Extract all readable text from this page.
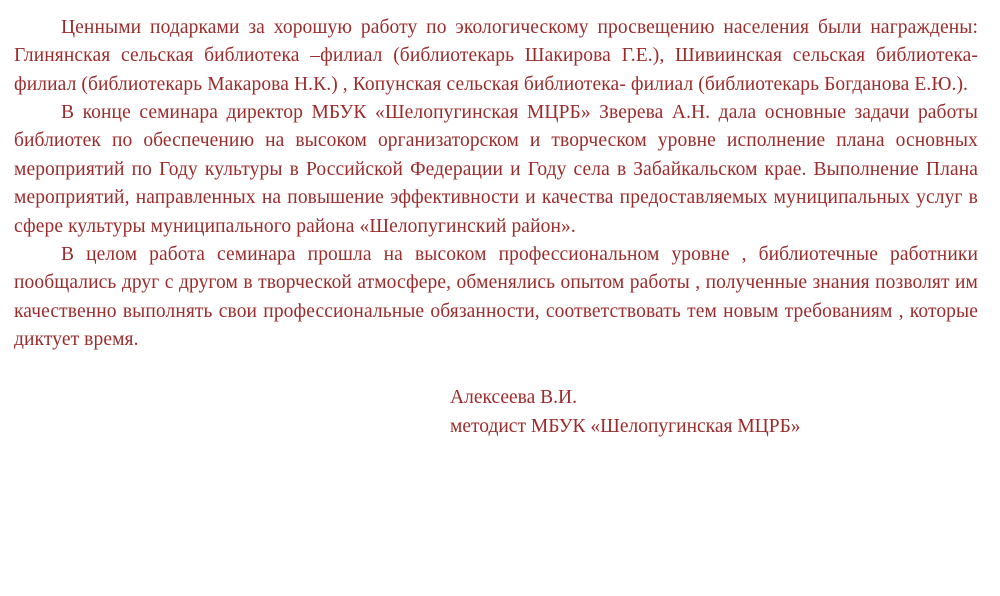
Ценными подарками за хорошую работу по экологическому просвещению населения были награждены: Глинянская сельская библиотека –филиал (библиотекарь Шакирова Г.Е.), Шивиинская сельская библиотека- филиал (библиотекарь Макарова Н.К.) , Копунская сельская библиотека- филиал (библиотекарь Богданова Е.Ю.).

В конце семинара директор МБУК «Шелопугинская МЦРБ» Зверева А.Н. дала основные задачи работы библиотек по обеспечению на высоком организаторском и творческом уровне исполнение плана основных мероприятий по Году культуры в Российской Федерации и Году села в Забайкальском крае. Выполнение Плана мероприятий, направленных на повышение эффективности и качества предоставляемых муниципальных услуг в сфере культуры муниципального района «Шелопугинский район».

В целом работа семинара прошла на высоком профессиональном уровне , библиотечные работники пообщались друг с другом в творческой атмосфере, обменялись опытом работы , полученные знания позволят им качественно выполнять свои профессиональные обязанности, соответствовать тем новым требованиям , которые диктует время.

Алексеева В.И.
методист МБУК «Шелопугинская МЦРБ»
